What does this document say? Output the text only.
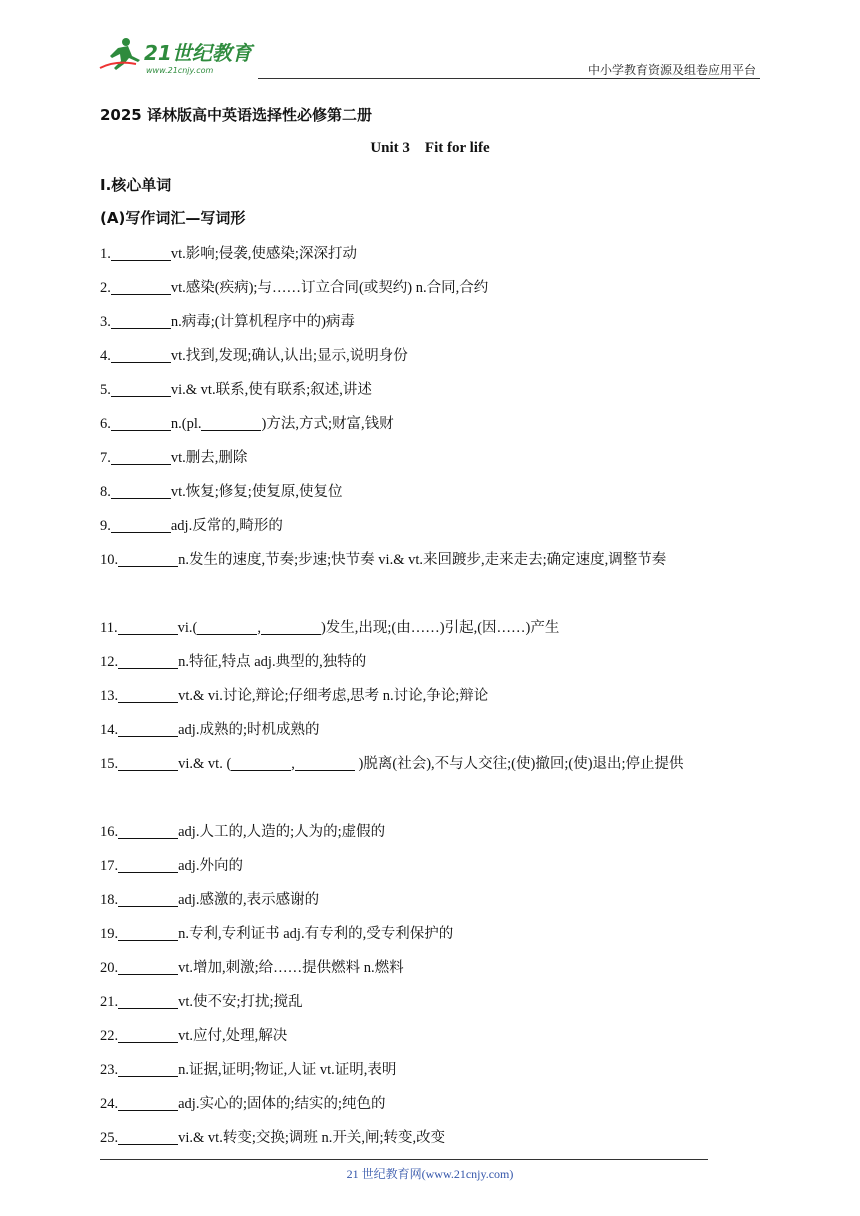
21世纪教育
www.21cnjy.com	中小学教育资源及组卷应用平台
2025 译林版高中英语选择性必修第二册
Unit 3    Fit for life
Ⅰ.核心单词
(A)写作词汇—写词形
1.	vt.影响;侵袭,使感染;深深打动
2.	vt.感染(疾病);与……订立合同(或契约) n.合同,合约
3.	n.病毒;(计算机程序中的)病毒
4.	vt.找到,发现;确认,认出;显示,说明身份
5.	vi.& vt.联系,使有联系;叙述,讲述
6.	n.(pl.	)方法,方式;财富,钱财
7.	vt.删去,删除
8.	vt.恢复;修复;使复原,使复位
9.	adj.反常的,畸形的
10.	n.发生的速度,节奏;步速;快节奏 vi.& vt.来回踱步,走来走去;确定速度,调整节奏
11.	vi.(	,	)发生,出现;(由……)引起,(因……)产生
12.	n.特征,特点 adj.典型的,独特的
13.	vt.& vi.讨论,辩论;仔细考虑,思考 n.讨论,争论;辩论
14.	adj.成熟的;时机成熟的
15.	vi.& vt. (	,	)脱离(社会),不与人交往;(使)撤回;(使)退出;停止提供
16.	adj.人工的,人造的;人为的;虚假的
17.	adj.外向的
18.	adj.感激的,表示感谢的
19.	n.专利,专利证书 adj.有专利的,受专利保护的
20.	vt.增加,刺激;给……提供燃料 n.燃料
21.	vt.使不安;打扰;搅乱
22.	vt.应付,处理,解决
23.	n.证据,证明;物证,人证 vt.证明,表明
24.	adj.实心的;固体的;结实的;纯色的
25.	vi.& vt.转变;交换;调班 n.开关,闸;转变,改变
21 世纪教育网(www.21cnjy.com)
